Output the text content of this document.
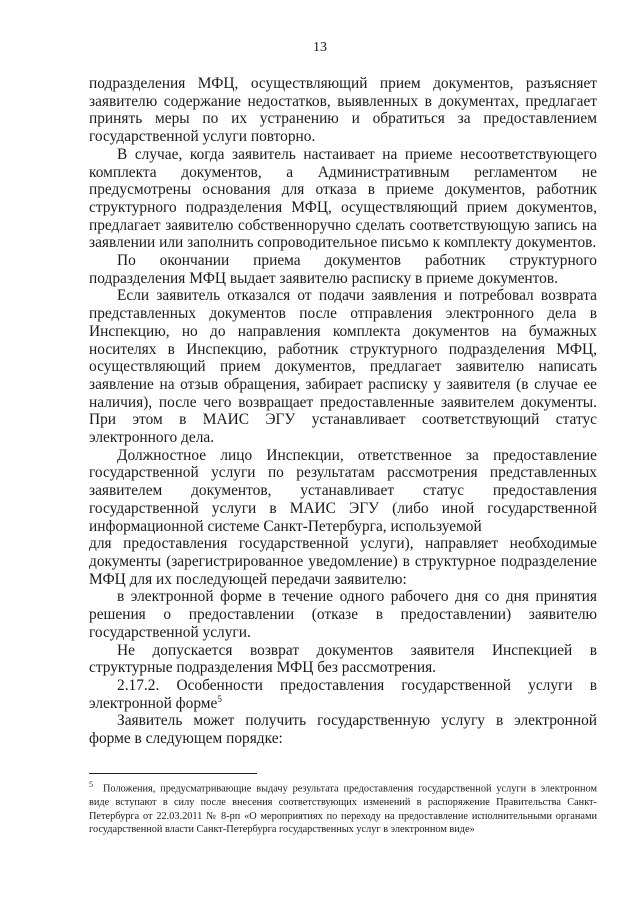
13

подразделения МФЦ, осуществляющий прием документов, разъясняет заявителю содержание недостатков, выявленных в документах, предлагает принять меры по их устранению и обратиться за предоставлением государственной услуги повторно.

В случае, когда заявитель настаивает на приеме несоответствующего комплекта документов, а Административным регламентом не предусмотрены основания для отказа в приеме документов, работник структурного подразделения МФЦ, осуществляющий прием документов, предлагает заявителю собственноручно сделать соответствующую запись на заявлении или заполнить сопроводительное письмо к комплекту документов.

По окончании приема документов работник структурного подразделения МФЦ выдает заявителю расписку в приеме документов.

Если заявитель отказался от подачи заявления и потребовал возврата представленных документов после отправления электронного дела в Инспекцию, но до направления комплекта документов на бумажных носителях в Инспекцию, работник структурного подразделения МФЦ, осуществляющий прием документов, предлагает заявителю написать заявление на отзыв обращения, забирает расписку у заявителя (в случае ее наличия), после чего возвращает предоставленные заявителем документы. При этом в МАИС ЭГУ устанавливает соответствующий статус электронного дела.

Должностное лицо Инспекции, ответственное за предоставление государственной услуги по результатам рассмотрения представленных заявителем документов, устанавливает статус предоставления государственной услуги в МАИС ЭГУ (либо иной государственной информационной системе Санкт-Петербурга, используемой

для предоставления государственной услуги), направляет необходимые документы (зарегистрированное уведомление) в структурное подразделение МФЦ для их последующей передачи заявителю:

в электронной форме в течение одного рабочего дня со дня принятия решения о предоставлении (отказе в предоставлении) заявителю государственной услуги.

Не допускается возврат документов заявителя Инспекцией в структурные подразделения МФЦ без рассмотрения.

2.17.2. Особенности предоставления государственной услуги в электронной форме$^5$

Заявитель может получить государственную услугу в электронной форме в следующем порядке:

$^5$ Положения, предусматривающие выдачу результата предоставления государственной услуги в электронном виде вступают в силу после внесения соответствующих изменений в распоряжение Правительства Санкт-Петербурга от 22.03.2011 № 8-рп «О мероприятиях по переходу на предоставление исполнительными органами государственной власти Санкт-Петербурга государственных услуг в электронном виде»
